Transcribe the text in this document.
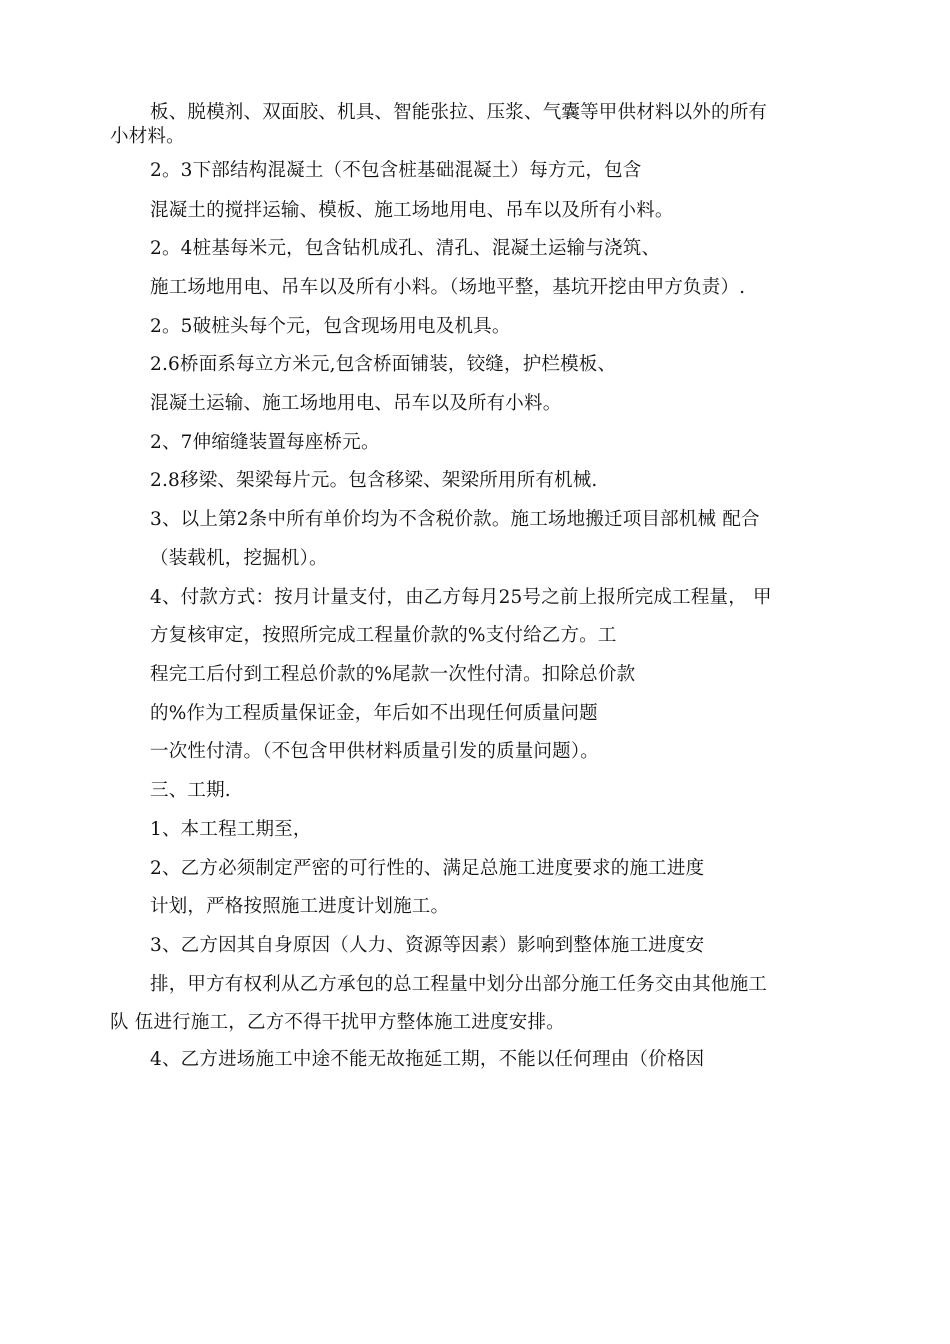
板、脱模剂、双面胶、机具、智能张拉、压浆、气囊等甲供材料以外的所有
小材料。
2。3下部结构混凝土（不包含桩基础混凝土）每方元，包含
混凝土的搅拌运输、模板、施工场地用电、吊车以及所有小料。
2。4桩基每米元，包含钻机成孔、清孔、混凝土运输与浇筑、
施工场地用电、吊车以及所有小料。（场地平整，基坑开挖由甲方负责）.
2。5破桩头每个元，包含现场用电及机具。
2.6桥面系每立方米元,包含桥面铺装，铰缝，护栏模板、
混凝土运输、施工场地用电、吊车以及所有小料。
2、7伸缩缝装置每座桥元。
2.8移梁、架梁每片元。包含移梁、架梁所用所有机械.
3、以上第2条中所有单价均为不含税价款。施工场地搬迁项目部机械 配合
（装载机，挖掘机）。
4、付款方式：按月计量支付，由乙方每月25号之前上报所完成工程量， 甲
方复核审定，按照所完成工程量价款的%支付给乙方。工
程完工后付到工程总价款的%尾款一次性付清。扣除总价款
的%作为工程质量保证金，年后如不出现任何质量问题
一次性付清。（不包含甲供材料质量引发的质量问题）。
三、工期.
1、本工程工期至，
2、乙方必须制定严密的可行性的、满足总施工进度要求的施工进度
计划，严格按照施工进度计划施工。
3、乙方因其自身原因（人力、资源等因素）影响到整体施工进度安
排，甲方有权利从乙方承包的总工程量中划分出部分施工任务交由其他施工
队 伍进行施工，乙方不得干扰甲方整体施工进度安排。
4、乙方进场施工中途不能无故拖延工期，不能以任何理由（价格因
